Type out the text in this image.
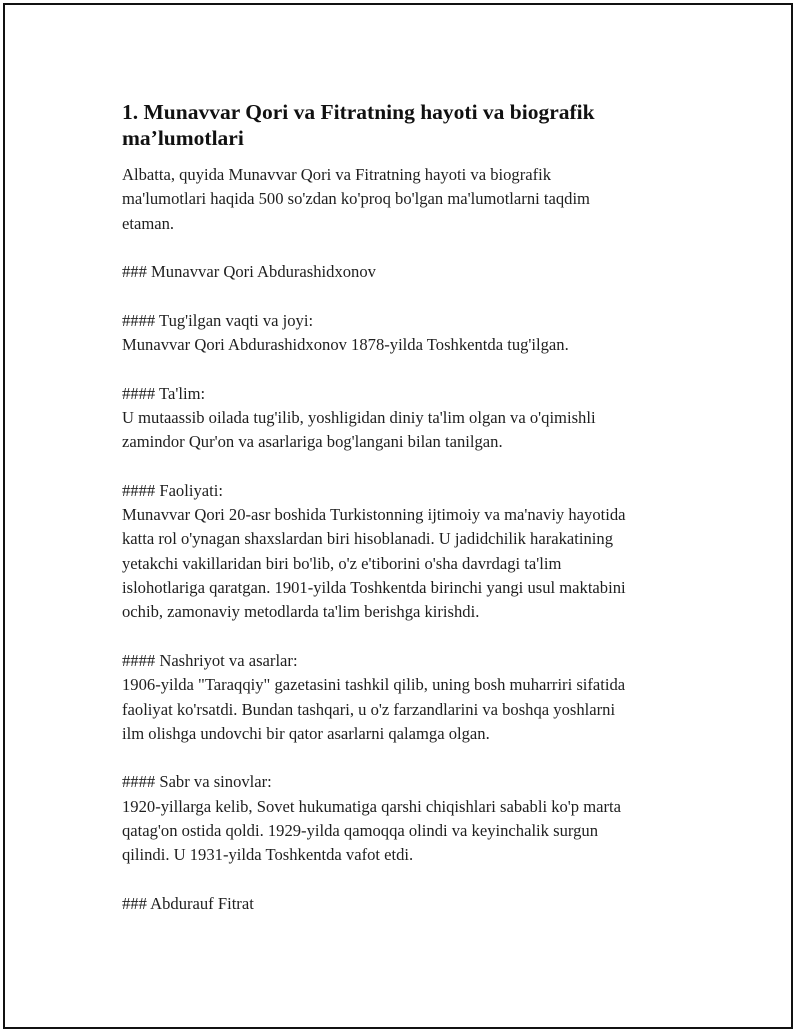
1. Munavvar Qori va Fitratning hayoti va biografik ma’lumotlari

Albatta, quyida Munavvar Qori va Fitratning hayoti va biografik
ma'lumotlari haqida 500 so'zdan ko'proq bo'lgan ma'lumotlarni taqdim
etaman.

### Munavvar Qori Abdurashidxonov

#### Tug'ilgan vaqti va joyi:
Munavvar Qori Abdurashidxonov 1878-yilda Toshkentda tug'ilgan.

#### Ta'lim:
U mutaassib oilada tug'ilib, yoshligidan diniy ta'lim olgan va o'qimishli
zamindor Qur'on va asarlariga bog'langani bilan tanilgan.

#### Faoliyati:
Munavvar Qori 20-asr boshida Turkistonning ijtimoiy va ma'naviy hayotida
katta rol o'ynagan shaxslardan biri hisoblanadi. U jadidchilik harakatining
yetakchi vakillaridan biri bo'lib, o'z e'tiborini o'sha davrdagi ta'lim
islohotlariga qaratgan. 1901-yilda Toshkentda birinchi yangi usul maktabini
ochib, zamonaviy metodlarda ta'lim berishga kirishdi.

#### Nashriyot va asarlar:
1906-yilda "Taraqqiy" gazetasini tashkil qilib, uning bosh muharriri sifatida
faoliyat ko'rsatdi. Bundan tashqari, u o'z farzandlarini va boshqa yoshlarni
ilm olishga undovchi bir qator asarlarni qalamga olgan.

#### Sabr va sinovlar:
1920-yillarga kelib, Sovet hukumatiga qarshi chiqishlari sababli ko'p marta
qatag'on ostida qoldi. 1929-yilda qamoqqa olindi va keyinchalik surgun
qilindi. U 1931-yilda Toshkentda vafot etdi.

### Abdurauf Fitrat
